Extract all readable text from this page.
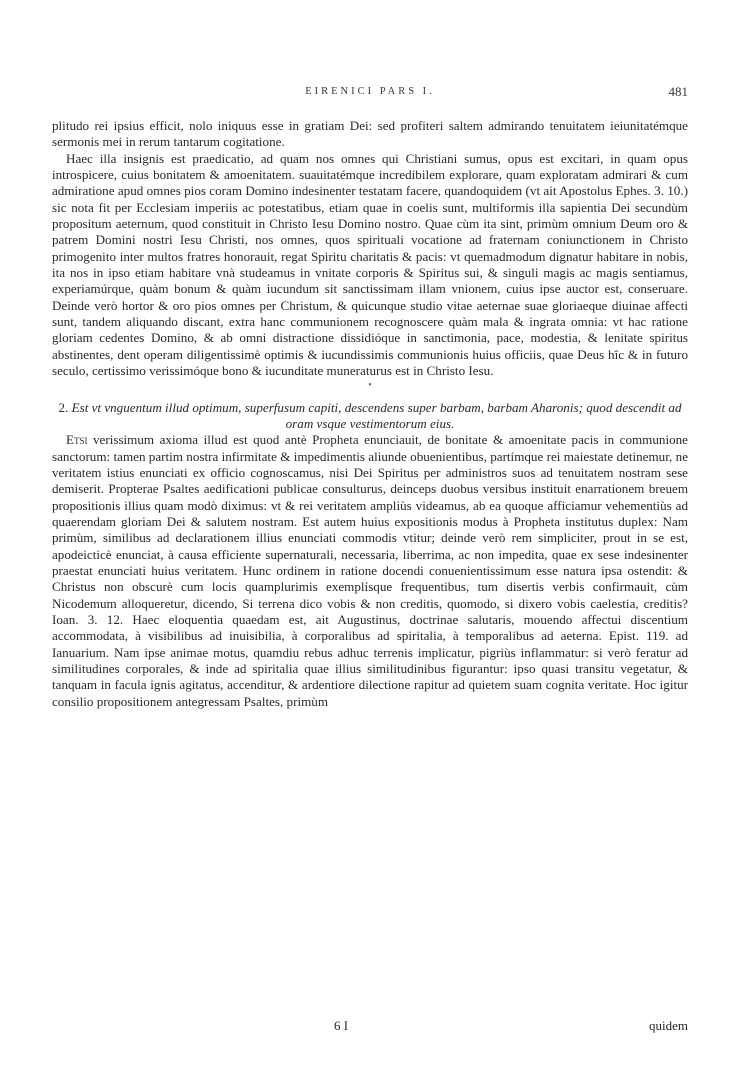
EIRENICI PARS I.	481

plitudo rei ipsius efficit, nolo iniquus esse in gratiam Dei: sed profiteri saltem admirando tenuitatem ieiunitatémque sermonis mei in rerum tantarum cogitatione.

Haec illa insignis est praedicatio, ad quam nos omnes qui Christiani sumus, opus est excitari, in quam opus introspicere, cuius bonitatem & amoenitatem. suauitatémque incredibilem explorare, quam exploratam admirari & cum admiratione apud omnes pios coram Domino indesinenter testatam facere, quandoquidem (vt ait Apostolus Ephes. 3. 10.) sic nota fit per Ecclesiam imperiis ac potestatibus, etiam quae in coelis sunt, multiformis illa sapientia Dei secundùm propositum aeternum, quod constituit in Christo Iesu Domino nostro. Quae cùm ita sint, primùm omnium Deum oro & patrem Domini nostri Iesu Christi, nos omnes, quos spirituali vocatione ad fraternam coniunctionem in Christo primogenito inter multos fratres honorauit, regat Spiritu charitatis & pacis: vt quemadmodum dignatur habitare in nobis, ita nos in ipso etiam habitare vnà studeamus in vnitate corporis & Spiritus sui, & singuli magis ac magis sentiamus, experiamúrque, quàm bonum & quàm iucundum sit sanctissimam illam vnionem, cuius ipse auctor est, conseruare. Deinde verò hortor & oro pios omnes per Christum, & quicunque studio vitae aeternae suae gloriaeque diuinae affecti sunt, tandem aliquando discant, extra hanc communionem recognoscere quàm mala & ingrata omnia: vt hac ratione gloriam cedentes Domino, & ab omni distractione dissidióque in sanctimonia, pace, modestia, & lenitate spiritus abstinentes, dent operam diligentissimè optimis & iucundissimis communionis huius officiis, quae Deus hîc & in futuro seculo, certissimo verissimóque bono & iucunditate muneraturus est in Christo Iesu.

•

2. Est vt vnguentum illud optimum, superfusum capiti, descendens super barbam, barbam Aharonis; quod descendit ad oram vsque vestimentorum eius.

Etsi verissimum axioma illud est quod antè Propheta enunciauit, de bonitate & amoenitate pacis in communione sanctorum: tamen partim nostra infirmitate & impedimentis aliunde obuenientibus, partímque rei maiestate detinemur, ne veritatem istius enunciati ex officio cognoscamus, nisi Dei Spiritus per administros suos ad tenuitatem nostram sese demiserit. Propterae Psaltes aedificationi publicae consulturus, deinceps duobus versibus instituit enarrationem breuem propositionis illius quam modò diximus: vt & rei veritatem ampliùs videamus, ab ea quoque afficiamur vehementiùs ad quaerendam gloriam Dei & salutem nostram. Est autem huius expositionis modus à Propheta institutus duplex: Nam primùm, similibus ad declarationem illius enunciati commodis vtitur; deinde verò rem simpliciter, prout in se est, apodeicticè enunciat, à causa efficiente supernaturali, necessaria, liberrima, ac non impedita, quae ex sese indesinenter praestat enunciati huius veritatem. Hunc ordinem in ratione docendi conuenientissimum esse natura ipsa ostendit: & Christus non obscurè cum locis quamplurimis exemplísque frequentibus, tum disertis verbis confirmauit, cùm Nicodemum alloqueretur, dicendo, Si terrena dico vobis & non creditis, quomodo, si dixero vobis caelestia, creditis? Ioan. 3. 12. Haec eloquentia quaedam est, ait Augustinus, doctrinae salutaris, mouendo affectui discentium accommodata, à visibilibus ad inuisibilia, à corporalibus ad spiritalia, à temporalibus ad aeterna. Epist. 119. ad Ianuarium. Nam ipse animae motus, quamdiu rebus adhuc terrenis implicatur, pigriùs inflammatur: si verò feratur ad similitudines corporales, & inde ad spiritalia quae illius similitudinibus figurantur: ipso quasi transitu vegetatur, & tanquam in facula ignis agitatus, accenditur, & ardentiore dilectione rapitur ad quietem suam cognita veritate. Hoc igitur consilio propositionem antegressam Psaltes, primùm

6 I	quidem
